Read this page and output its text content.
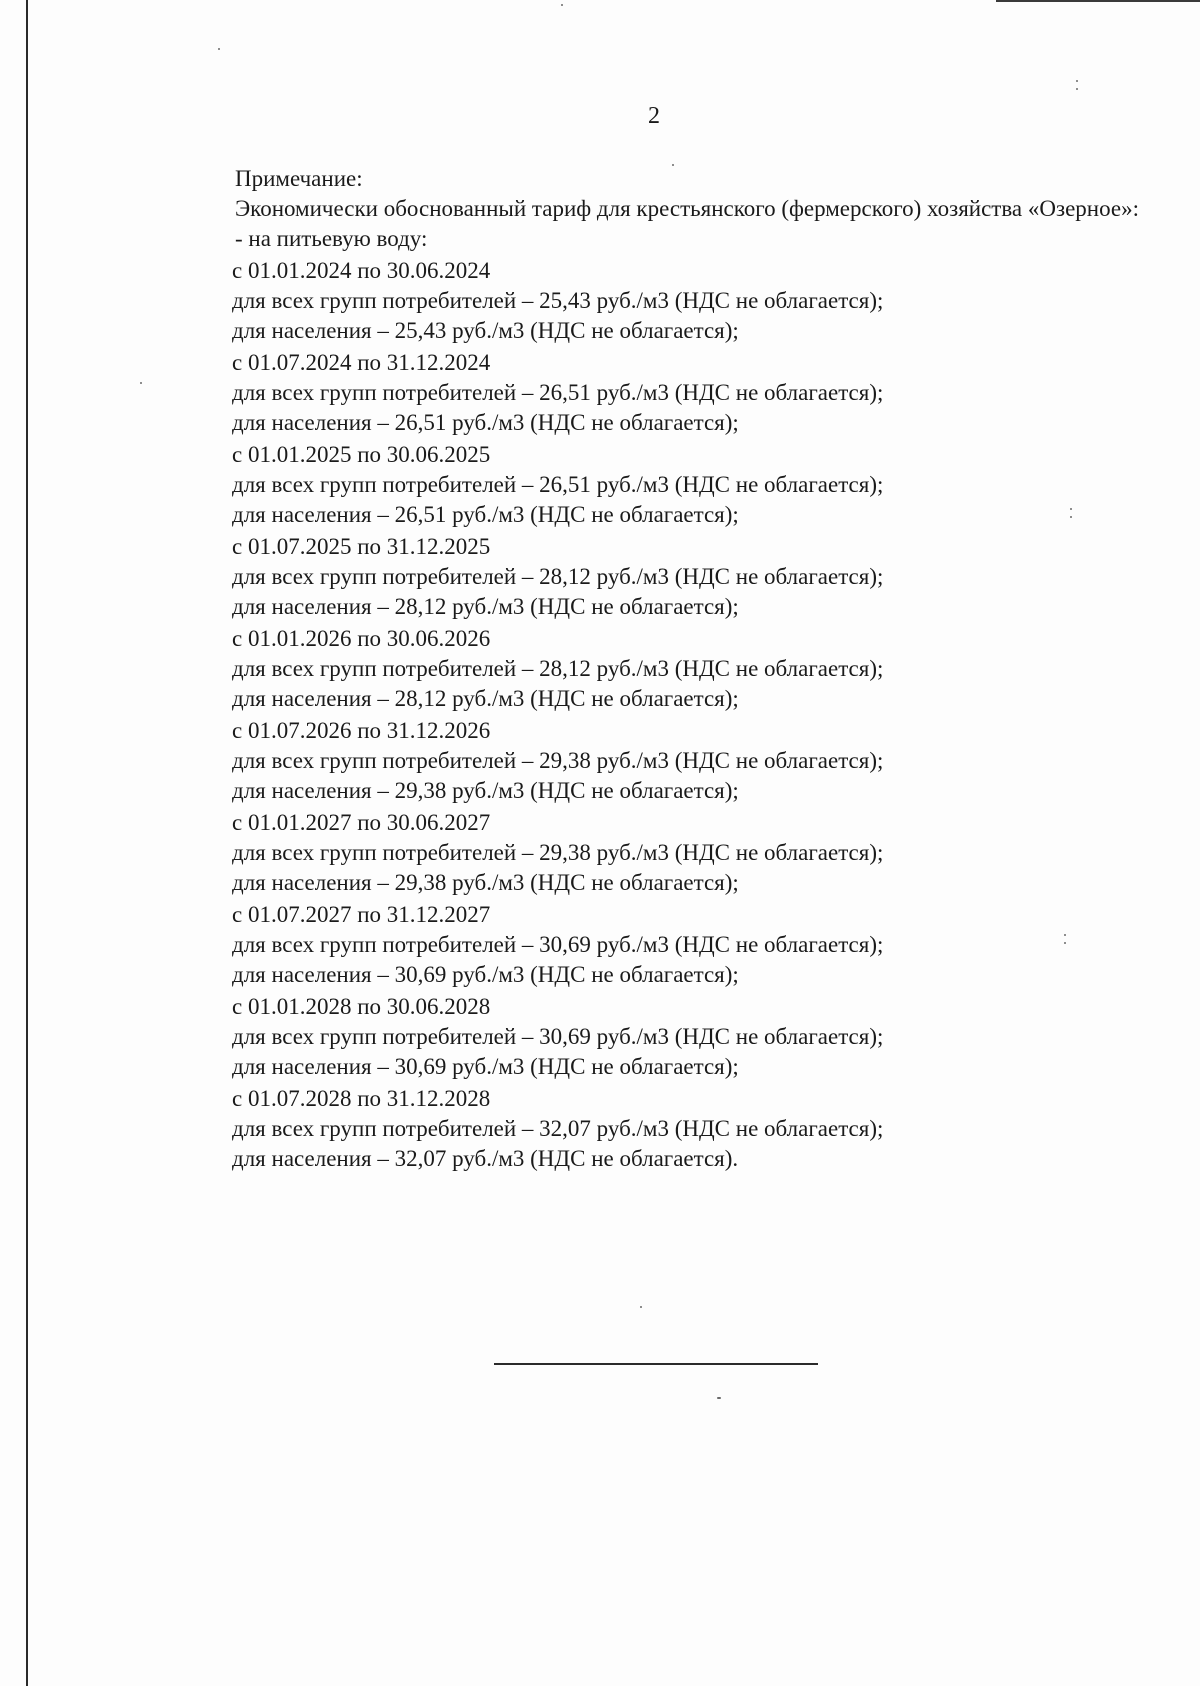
2
Примечание:
Экономически обоснованный тариф для крестьянского (фермерского) хозяйства «Озерное»:
- на питьевую воду:
с 01.01.2024 по 30.06.2024
для всех групп потребителей – 25,43 руб./м3 (НДС не облагается);
для населения – 25,43 руб./м3 (НДС не облагается);
с 01.07.2024 по 31.12.2024
для всех групп потребителей – 26,51 руб./м3 (НДС не облагается);
для населения – 26,51 руб./м3 (НДС не облагается);
с 01.01.2025 по 30.06.2025
для всех групп потребителей – 26,51 руб./м3 (НДС не облагается);
для населения – 26,51 руб./м3 (НДС не облагается);
с 01.07.2025 по 31.12.2025
для всех групп потребителей – 28,12 руб./м3 (НДС не облагается);
для населения – 28,12 руб./м3 (НДС не облагается);
с 01.01.2026 по 30.06.2026
для всех групп потребителей – 28,12 руб./м3 (НДС не облагается);
для населения – 28,12 руб./м3 (НДС не облагается);
с 01.07.2026 по 31.12.2026
для всех групп потребителей – 29,38 руб./м3 (НДС не облагается);
для населения – 29,38 руб./м3 (НДС не облагается);
с 01.01.2027 по 30.06.2027
для всех групп потребителей – 29,38 руб./м3 (НДС не облагается);
для населения – 29,38 руб./м3 (НДС не облагается);
с 01.07.2027 по 31.12.2027
для всех групп потребителей – 30,69 руб./м3 (НДС не облагается);
для населения – 30,69 руб./м3 (НДС не облагается);
с 01.01.2028 по 30.06.2028
для всех групп потребителей – 30,69 руб./м3 (НДС не облагается);
для населения – 30,69 руб./м3 (НДС не облагается);
с 01.07.2028 по 31.12.2028
для всех групп потребителей – 32,07 руб./м3 (НДС не облагается);
для населения – 32,07 руб./м3 (НДС не облагается).
